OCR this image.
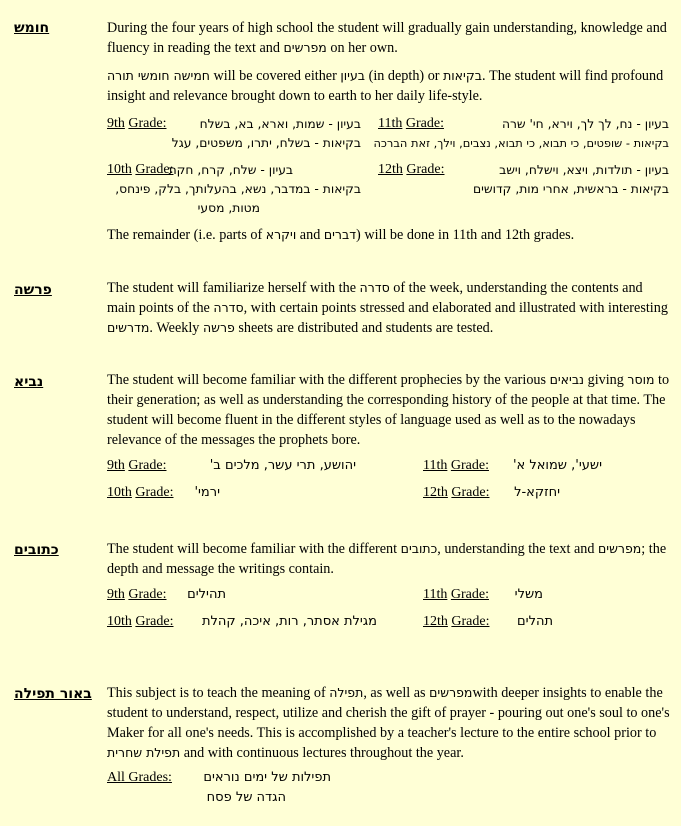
חומש	During the four years of high school the student will gradually gain understanding, knowledge and fluency in reading the text and מפרשים on her own.
חמישה חומשי תורה will be covered either בעיון (in depth) or בקיאות. The student will find profound insight and relevance brought down to earth to her daily life-style.
9th Grade:	בעיון - שמות, וארא, בא, בשלח
בקיאות - בשלח, יתרו, משפטים, עגל
11th Grade:	בעיון - נח, לך לך, וירא, חי' שרה
בקיאות - שופטים, כי תבוא, כי תבוא, נצבים, וילך, זאת הברכה
10th Grade:
בעיון - שלח, קרח, חקת
בקיאות - במדבר, נשא, בהעלותך, בלק, פינחס,
מטות, מסעי
12th Grade:	בעיון - תולדות, ויצא, וישלח, וישב
בקיאות - בראשית, אחרי מות, קדושים
The remainder (i.e. parts of ויקרא and דברים) will be done in 11th and 12th grades.
פרשה	The student will familiarize herself with the סדרה of the week, understanding the contents and main points of the סדרה, with certain points stressed and elaborated and illustrated with interesting מדרשים. Weekly פרשה sheets are distributed and students are tested.
נביא	The student will become familiar with the different prophecies by the various נביאים giving מוסר to their generation; as well as understanding the corresponding history of the people at that time. The student will become fluent in the different styles of language used as well as to the nowadays relevance of the messages the prophets bore.
9th Grade:	יהושע, תרי עשר, מלכים ב'	11th Grade: ישעי', שמואל א'
10th Grade: ירמי'	12th Grade: יחזקא-ל
כתובים	The student will become familiar with the different כתובים, understanding the text and מפרשים; the depth and message the writings contain.
9th Grade: תהילים	11th Grade: משלי
10th Grade: מגילת אסתר, רות, איכה, קהלת	12th Grade: תהלים
באור תפילה This subject is to teach the meaning of תפילה, as well as מפרשיםwith deeper insights to enable the student to understand, respect, utilize and cherish the gift of prayer - pouring out one's soul to one's Maker for all one's needs. This is accomplished by a teacher's lecture to the entire school prior to תפילת שחרית and with continuous lectures throughout the year.
All Grades: תפילות של ימים נוראים
הגדה של פסח
